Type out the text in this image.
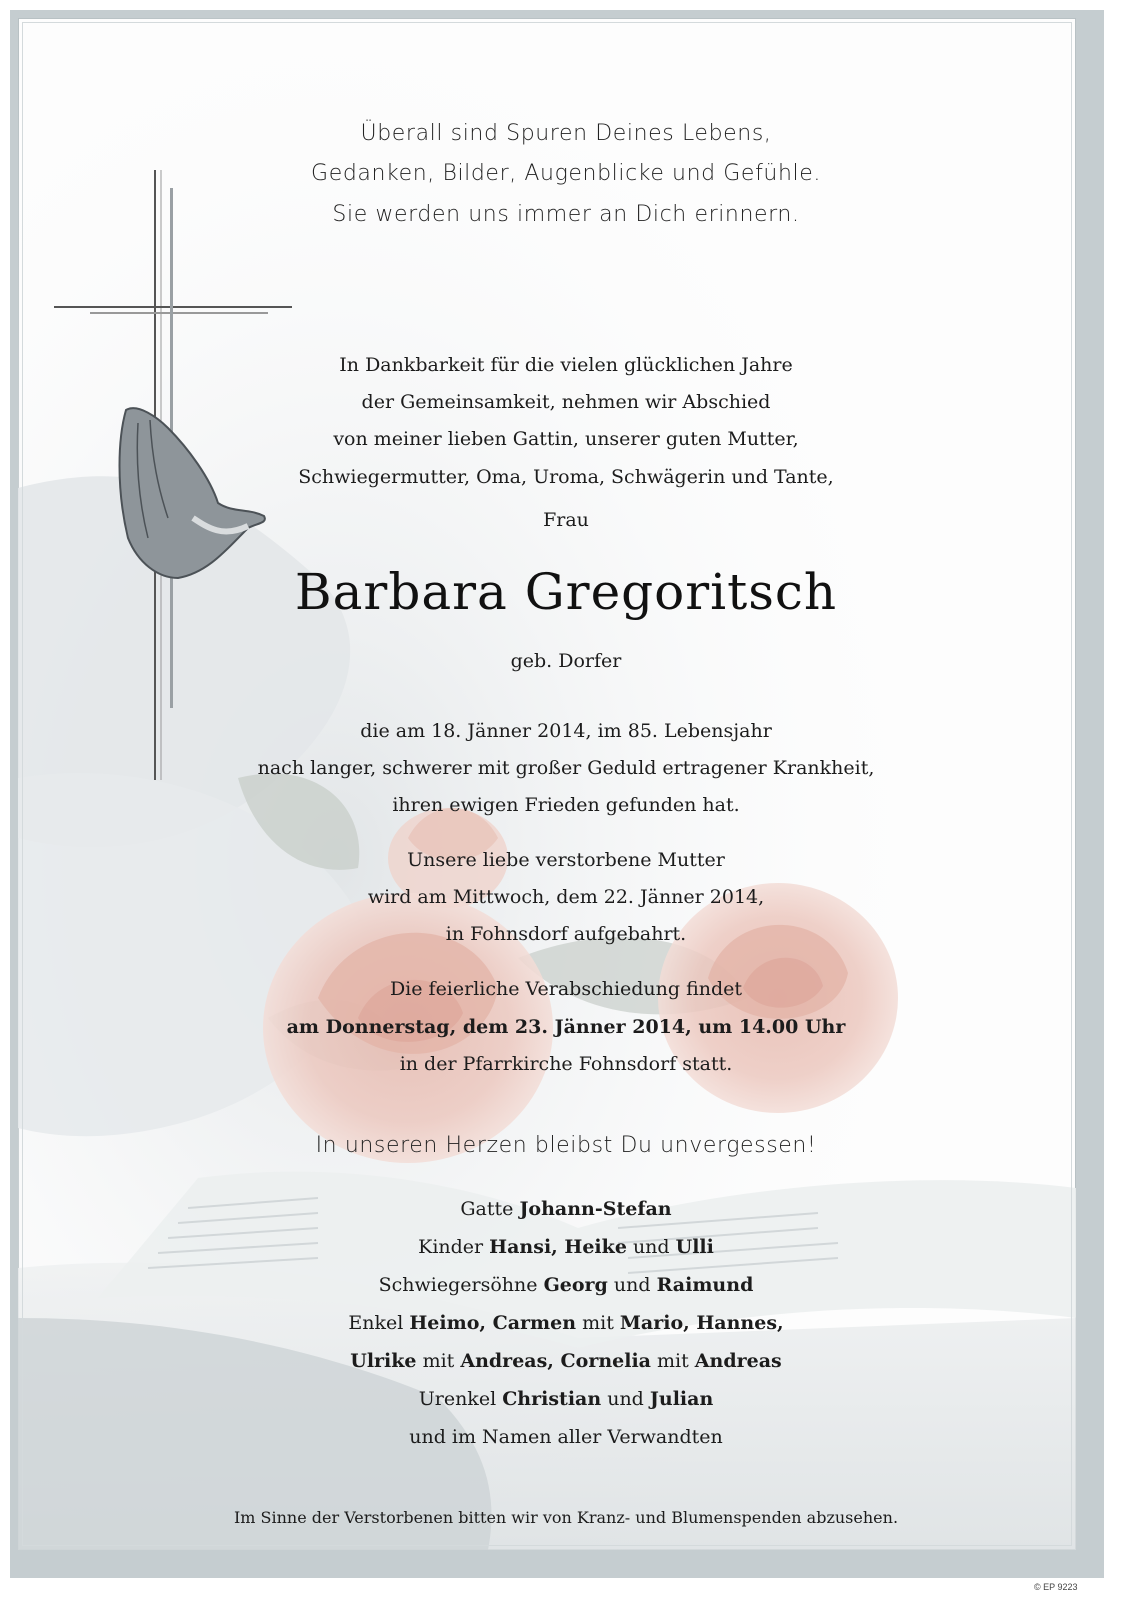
Überall sind Spuren Deines Lebens,
Gedanken, Bilder, Augenblicke und Gefühle.
Sie werden uns immer an Dich erinnern.
In Dankbarkeit für die vielen glücklichen Jahre
der Gemeinsamkeit, nehmen wir Abschied
von meiner lieben Gattin, unserer guten Mutter,
Schwiegermutter, Oma, Uroma, Schwägerin und Tante,
Frau
Barbara Gregoritsch
geb. Dorfer
die am 18. Jänner 2014, im 85. Lebensjahr
nach langer, schwerer mit großer Geduld ertragener Krankheit,
ihren ewigen Frieden gefunden hat.
Unsere liebe verstorbene Mutter
wird am Mittwoch, dem 22. Jänner 2014,
in Fohnsdorf aufgebahrt.
Die feierliche Verabschiedung findet
am Donnerstag, dem 23. Jänner 2014, um 14.00 Uhr
in der Pfarrkirche Fohnsdorf statt.
In unseren Herzen bleibst Du unvergessen!
Gatte Johann-Stefan
Kinder Hansi, Heike und Ulli
Schwiegersöhne Georg und Raimund
Enkel Heimo, Carmen mit Mario, Hannes,
Ulrike mit Andreas, Cornelia mit Andreas
Urenkel Christian und Julian
und im Namen aller Verwandten
Im Sinne der Verstorbenen bitten wir von Kranz- und Blumenspenden abzusehen.
© EP 9223
